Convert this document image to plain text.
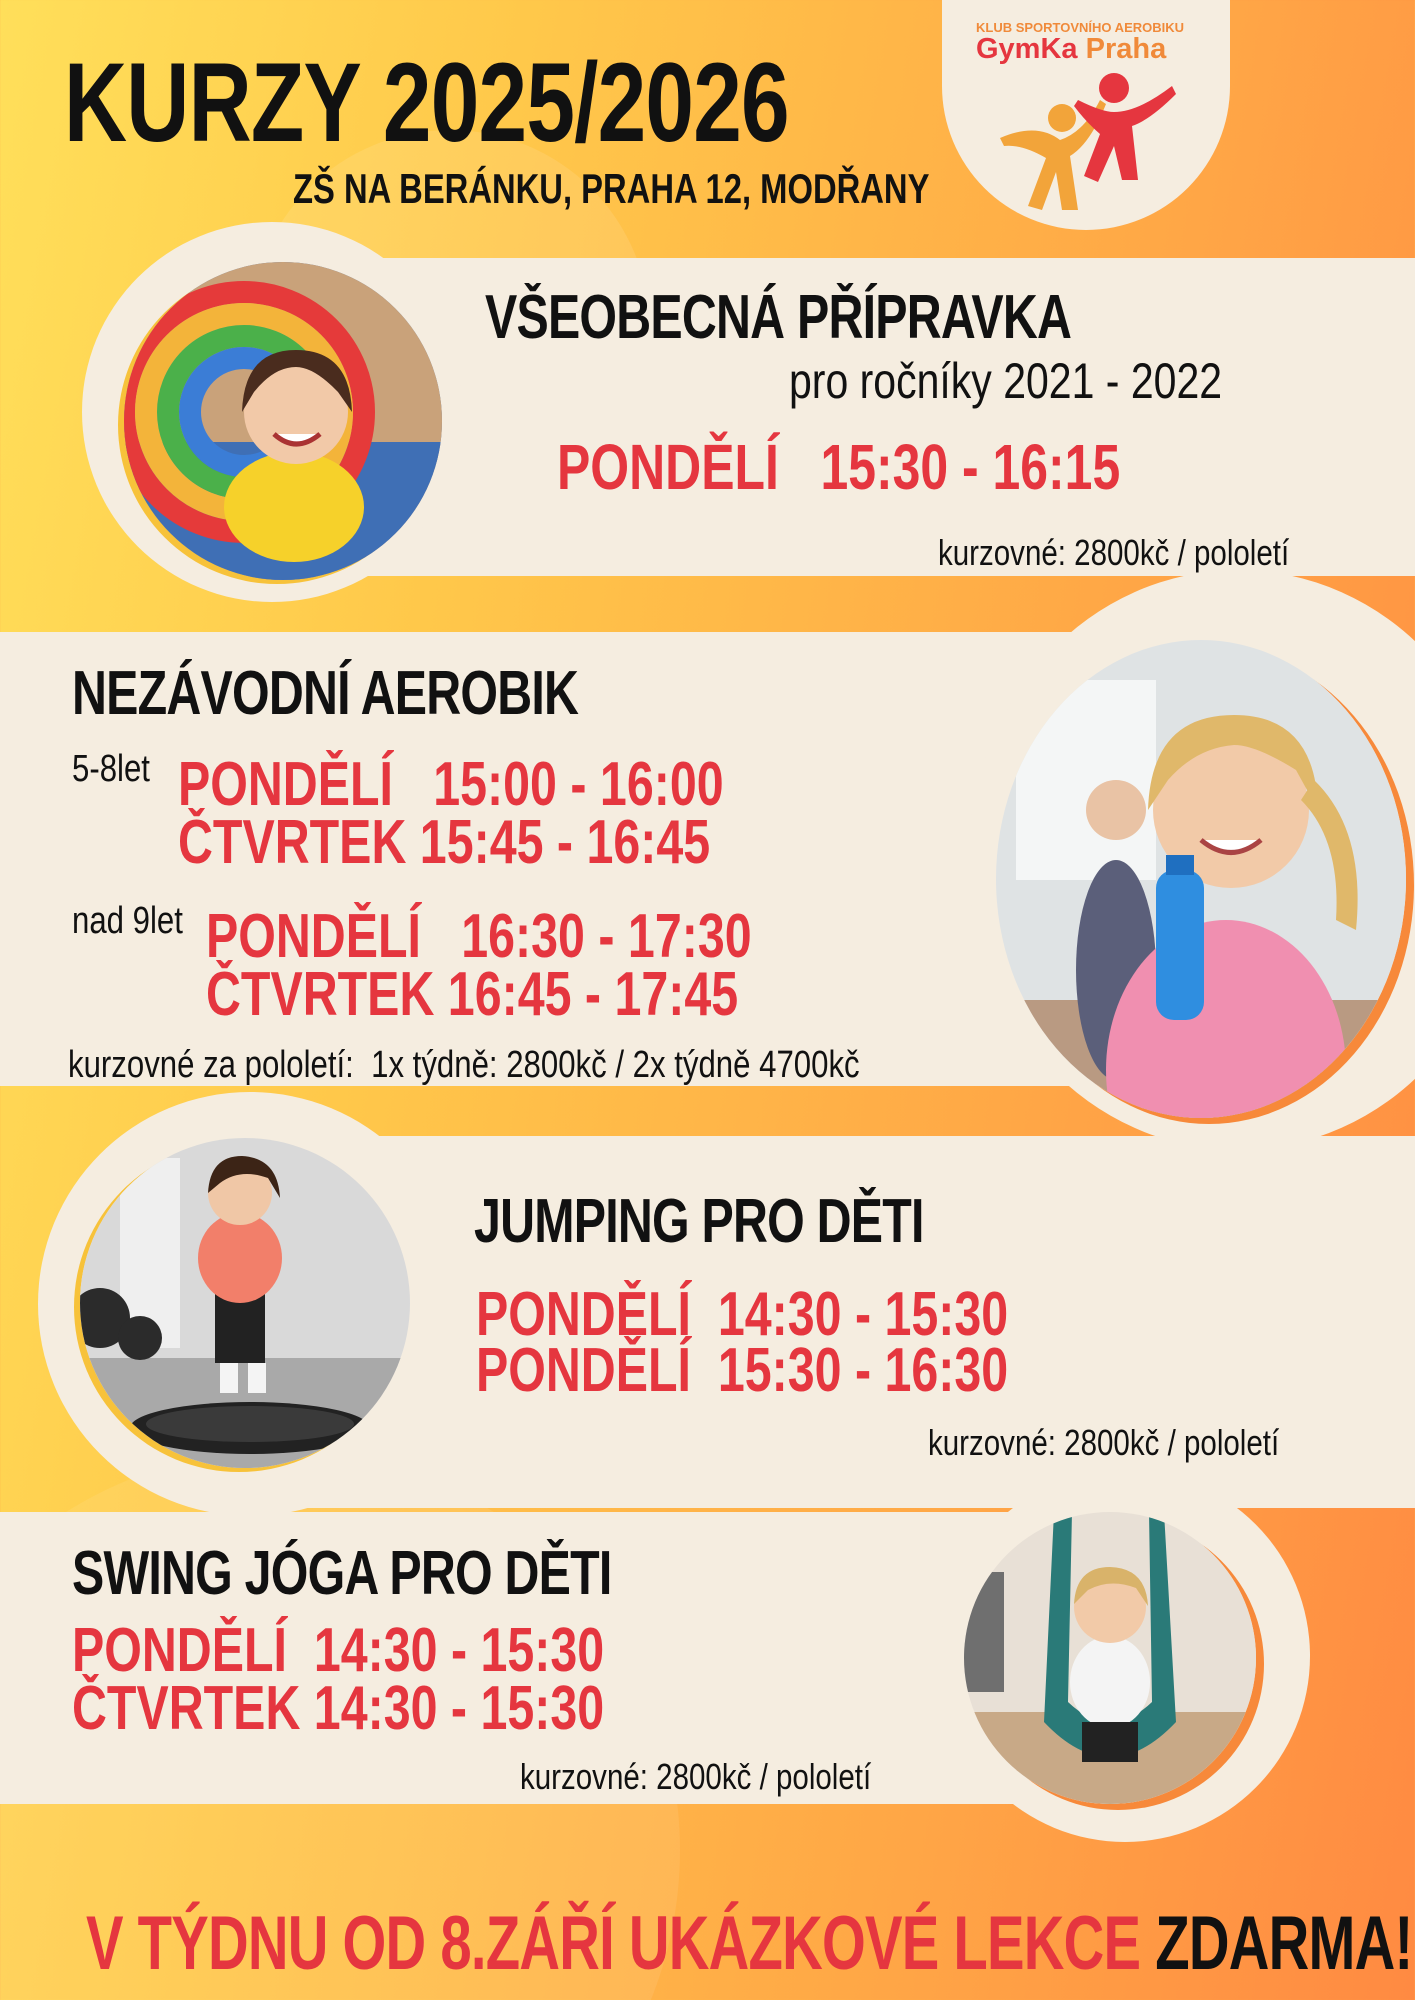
KURZY 2025/2026
ZŠ NA BERÁNKU, PRAHA 12, MODŘANY
KLUB SPORTOVNÍHO AEROBIKU
GymKa Praha
VŠEOBECNÁ PŘÍPRAVKA
pro ročníky 2021 - 2022
PONDĚLÍ   15:30 - 16:15
kurzovné: 2800kč / pololetí
NEZÁVODNÍ AEROBIK
5-8let PONDĚLÍ   15:00 - 16:00
ČTVRTEK 15:45 - 16:45
nad 9let PONDĚLÍ   16:30 - 17:30
ČTVRTEK 16:45 - 17:45
kurzovné za pololetí:  1x týdně: 2800kč / 2x týdně 4700kč
JUMPING PRO DĚTI
PONDĚLÍ  14:30 - 15:30
PONDĚLÍ  15:30 - 16:30
kurzovné: 2800kč / pololetí
SWING JÓGA PRO DĚTI
PONDĚLÍ  14:30 - 15:30
ČTVRTEK 14:30 - 15:30
kurzovné: 2800kč / pololetí
V TÝDNU OD 8.ZÁŘÍ UKÁZKOVÉ LEKCE ZDARMA!
